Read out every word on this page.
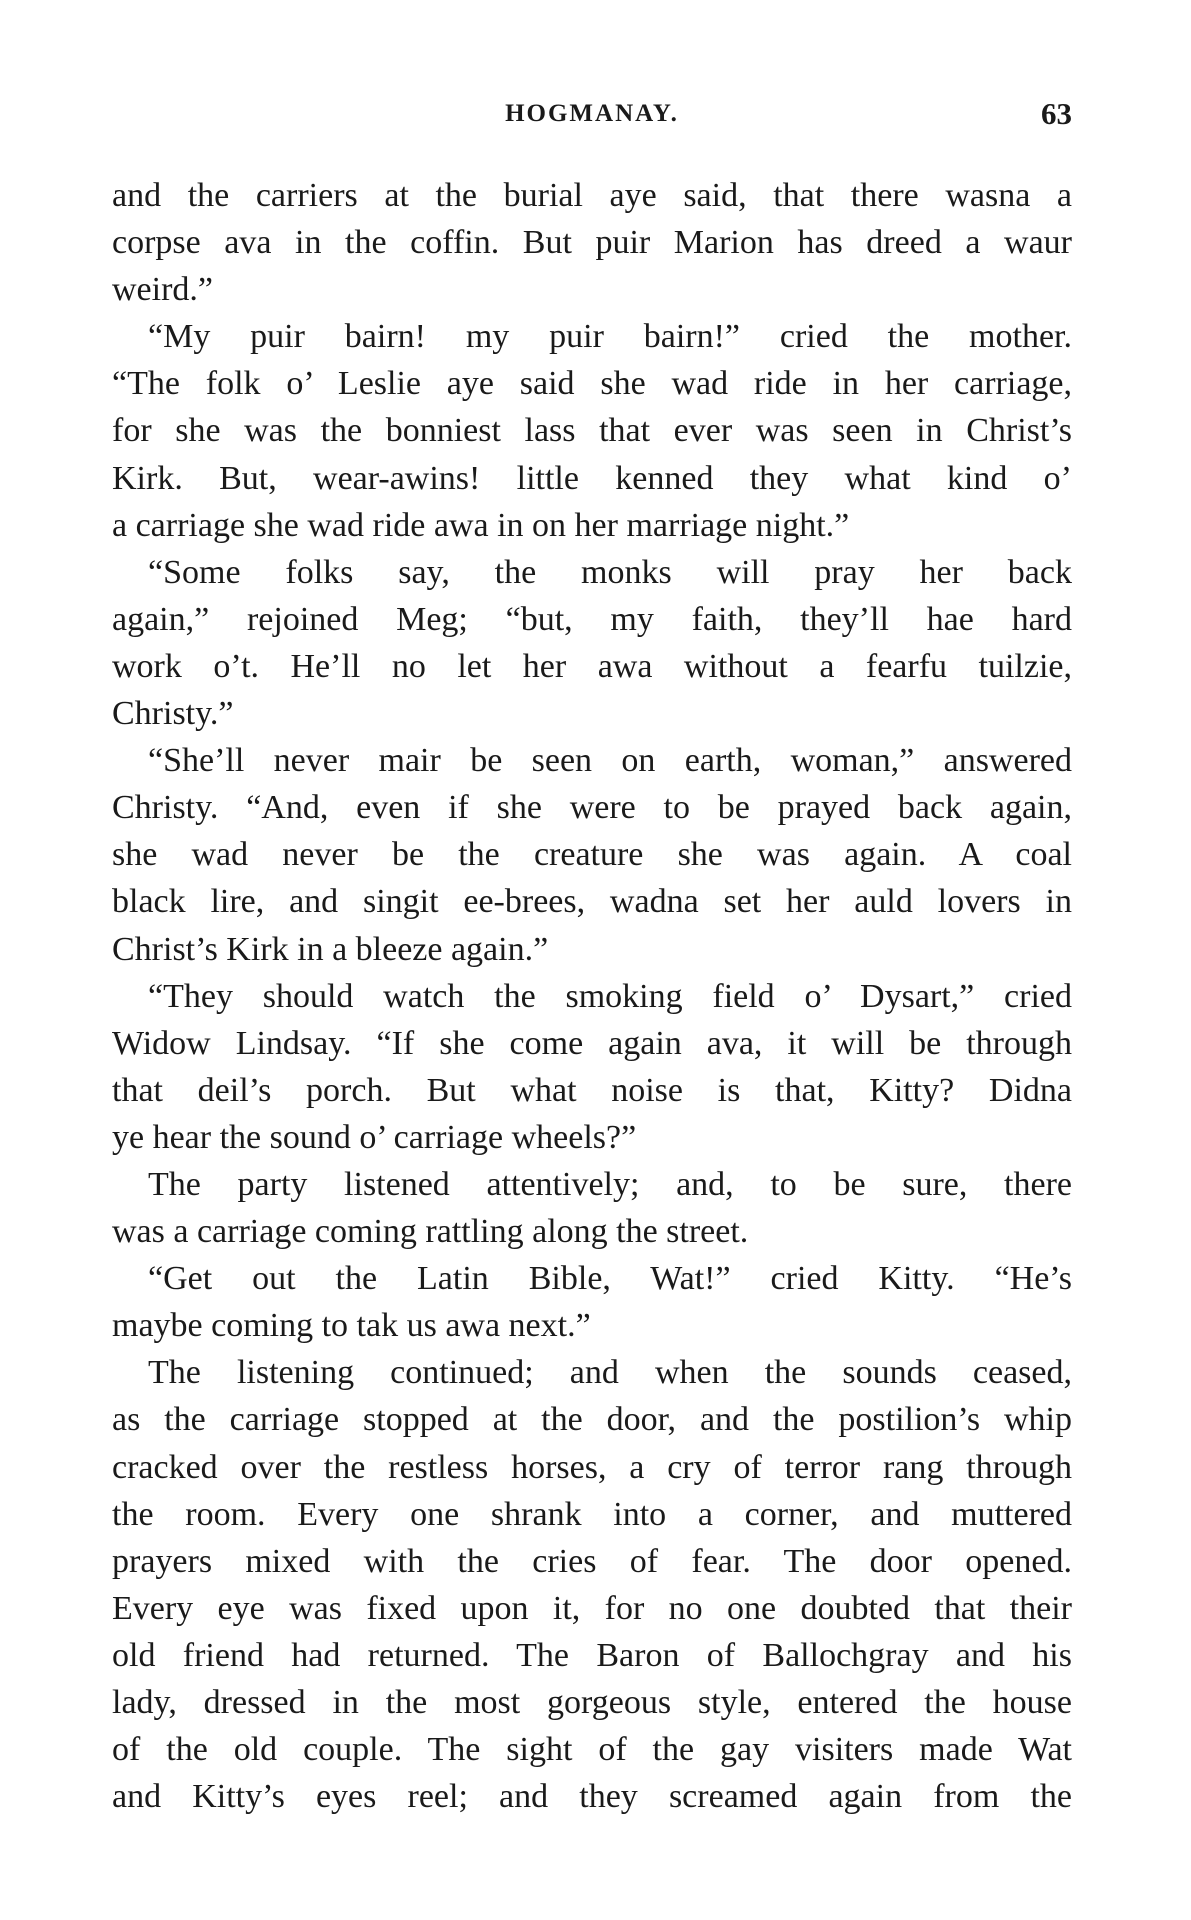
HOGMANAY.	63
and the carriers at the burial aye said, that there wasna a
corpse ava in the coffin. But puir Marion has dreed a waur
weird.”
“My puir bairn! my puir bairn!” cried the mother.
“The folk o’ Leslie aye said she wad ride in her carriage,
for she was the bonniest lass that ever was seen in Christ’s
Kirk. But, wear-awins! little kenned they what kind o’
a carriage she wad ride awa in on her marriage night.”
“Some folks say, the monks will pray her back
again,” rejoined Meg; “but, my faith, they’ll hae hard
work o’t. He’ll no let her awa without a fearfu tuilzie,
Christy.”
“She’ll never mair be seen on earth, woman,” answered
Christy. “And, even if she were to be prayed back again,
she wad never be the creature she was again. A coal
black lire, and singit ee-brees, wadna set her auld lovers in
Christ’s Kirk in a bleeze again.”
“They should watch the smoking field o’ Dysart,” cried
Widow Lindsay. “If she come again ava, it will be through
that deil’s porch. But what noise is that, Kitty? Didna
ye hear the sound o’ carriage wheels?”
The party listened attentively; and, to be sure, there
was a carriage coming rattling along the street.
“Get out the Latin Bible, Wat!” cried Kitty. “He’s
maybe coming to tak us awa next.”
The listening continued; and when the sounds ceased,
as the carriage stopped at the door, and the postilion’s whip
cracked over the restless horses, a cry of terror rang through
the room. Every one shrank into a corner, and muttered
prayers mixed with the cries of fear. The door opened.
Every eye was fixed upon it, for no one doubted that their
old friend had returned. The Baron of Ballochgray and his
lady, dressed in the most gorgeous style, entered the house
of the old couple. The sight of the gay visiters made Wat
and Kitty’s eyes reel; and they screamed again from the
